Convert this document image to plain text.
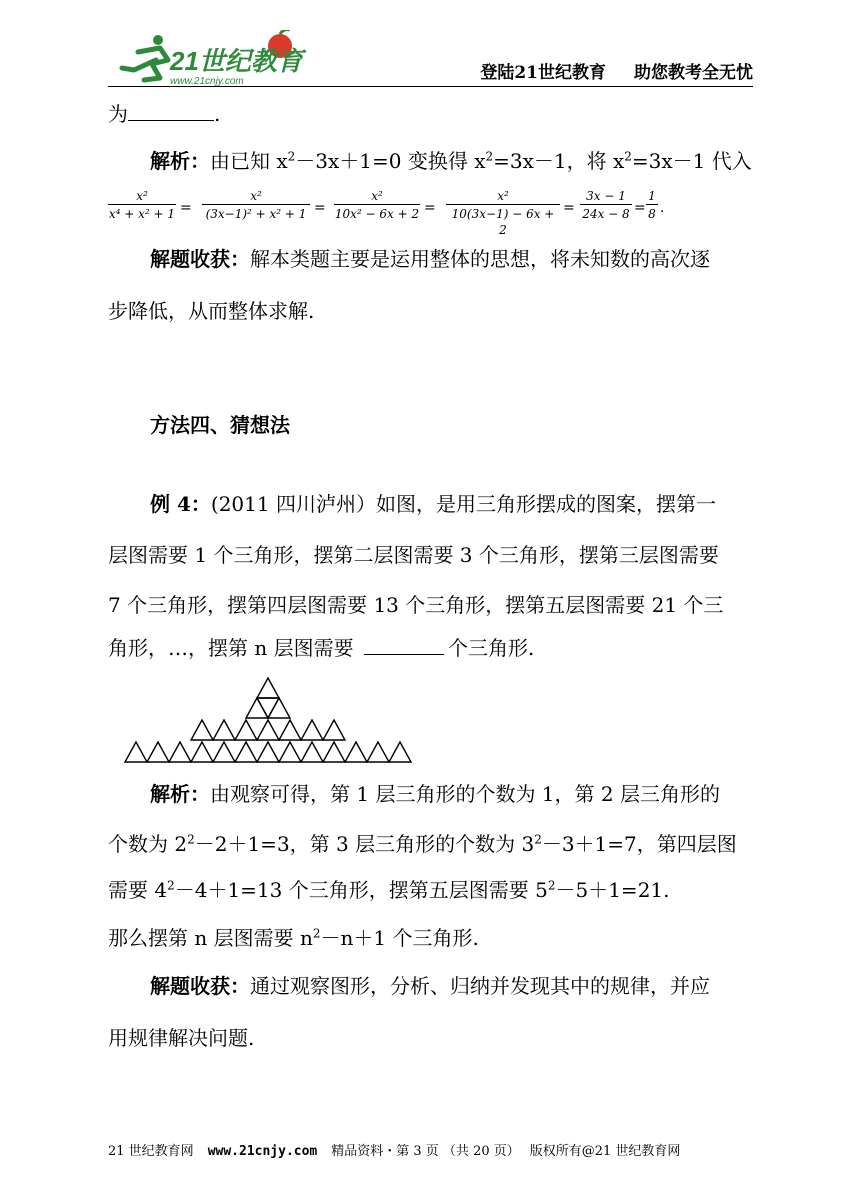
21世纪教育
www.21cnjy.com	登陆21世纪教育 助您教考全无忧
为	.
解析：由已知 $x^2-3x+1=0$ 变换得 $x^2=3x-1$，将 $x^2=3x-1$ 代入
$\frac{\text{x²}}{\text{x⁴ + x² + 1}} = \frac{\text{x²}}{\text{(3x−1)² + x² + 1}} = \frac{\text{x²}}{\text{10x² − 6x + 2}} = \frac{\text{x²}}{10(3x-1) - 6x + 2} = \frac{3x - 1}{24x - 8} = \frac{1}{8}$ .
解题收获：解本类题主要是运用整体的思想，将未知数的高次逐
步降低，从而整体求解.
方法四、猜想法
例 4：(2011 四川泸州）如图，是用三角形摆成的图案，摆第一
层图需要 1 个三角形，摆第二层图需要 3 个三角形，摆第三层图需要
7 个三角形，摆第四层图需要 13 个三角形，摆第五层图需要 21 个三
角形，…，摆第 n 层图需要	个三角形.
解析：由观察可得，第 1 层三角形的个数为 1，第 2 层三角形的
个数为 $2^2-2+1=3$，第 3 层三角形的个数为 $3^2-3+1=7$，第四层图
需要 $4^2-4+1=13$ 个三角形，摆第五层图需要 $5^2-5+1=21$.
那么摆第 n 层图需要 $n^2-n+1$ 个三角形.
解题收获：通过观察图形，分析、归纳并发现其中的规律，并应
用规律解决问题.
21 世纪教育网 www.21cnjy.com 精品资料・第 3 页 （共 20 页） 版权所有@21 世纪教育网
